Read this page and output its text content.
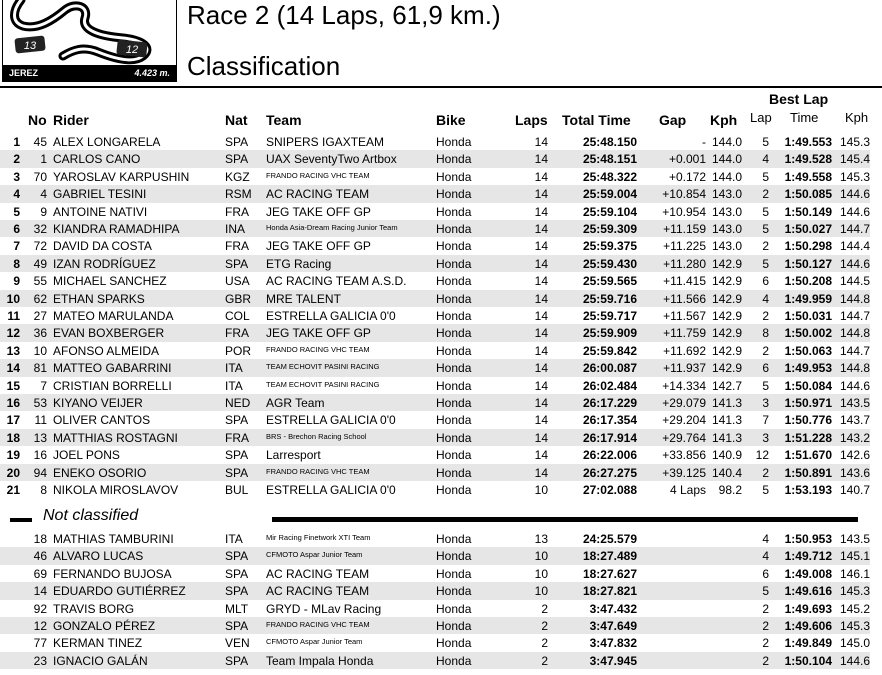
13	12
JEREZ	4.423 m.
Race 2 (14 Laps, 61,9 km.)
Classification
Best Lap
No Rider	Nat Team	Bike	Laps Total Time Gap Kph Lap Time Kph
1 45 ALEX LONGARELA	SPA SNIPERS IGAXTEAM	Honda	14	25:48.150	- 144.0 5 1:49.553 145.3
2 1 CARLOS CANO	SPA UAX SeventyTwo Artbox	Honda	14	25:48.151	+0.001 144.0 4 1:49.528 145.4
3 70 YAROSLAV KARPUSHIN	KGZ FRANDO RACING VHC TEAM	Honda	14	25:48.322	+0.172 144.0 5 1:49.558 145.3
4 4 GABRIEL TESINI	RSM AC RACING TEAM	Honda	14	25:59.004 +10.854 143.0 2 1:50.085 144.6
5 9 ANTOINE NATIVI	FRA JEG TAKE OFF GP	Honda	14	25:59.104 +10.954 143.0 5 1:50.149 144.6
6 32 KIANDRA RAMADHIPA	INA	Honda Asia-Dream Racing Junior Team	Honda	14	25:59.309 +11.159 143.0 5 1:50.027 144.7
7 72 DAVID DA COSTA	FRA JEG TAKE OFF GP	Honda	14	25:59.375 +11.225 143.0 2 1:50.298 144.4
8 49 IZAN RODRÍGUEZ	SPA ETG Racing	Honda	14	25:59.430 +11.280 142.9 5 1:50.127 144.6
9 55 MICHAEL SANCHEZ	USA AC RACING TEAM A.S.D. Honda	14	25:59.565 +11.415 142.9 6 1:50.208 144.5
10 62 ETHAN SPARKS	GBR MRE TALENT	Honda	14	25:59.716 +11.566 142.9 4 1:49.959 144.8
11 27 MATEO MARULANDA	COL ESTRELLA GALICIA 0'0	Honda	14	25:59.717 +11.567 142.9 2 1:50.031 144.7
12 36 EVAN BOXBERGER	FRA JEG TAKE OFF GP	Honda	14	25:59.909 +11.759 142.9 8 1:50.002 144.8
13 10 AFONSO ALMEIDA	POR FRANDO RACING VHC TEAM	Honda	14	25:59.842 +11.692 142.9 2 1:50.063 144.7
14 81 MATTEO GABARRINI	ITA	TEAM ECHOVIT PASINI RACING	Honda	14	26:00.087 +11.937 142.9 6 1:49.953 144.8
15 7 CRISTIAN BORRELLI	ITA	TEAM ECHOVIT PASINI RACING	Honda	14	26:02.484 +14.334 142.7 5 1:50.084 144.6
16 53 KIYANO VEIJER	NED AGR Team	Honda	14	26:17.229 +29.079 141.3 3 1:50.971 143.5
17 11 OLIVER CANTOS	SPA ESTRELLA GALICIA 0'0	Honda	14	26:17.354 +29.204 141.3 7 1:50.776 143.7
18 13 MATTHIAS ROSTAGNI	FRA BRS - Brechon Racing School	Honda	14	26:17.914 +29.764 141.3 3 1:51.228 143.2
19 16 JOEL PONS	SPA Larresport	Honda	14	26:22.006 +33.856 140.9 12 1:51.670 142.6
20 94 ENEKO OSORIO	SPA FRANDO RACING VHC TEAM	Honda	14	26:27.275 +39.125 140.4 2 1:50.891 143.6
21 8 NIKOLA MIROSLAVOV	BUL ESTRELLA GALICIA 0'0	Honda	10	27:02.088	4 Laps 98.2 5 1:53.193 140.7
Not classified
18 MATHIAS TAMBURINI	ITA	Mir Racing Finetwork XTI Team	Honda	13	24:25.579	4 1:50.953 143.5
46 ALVARO LUCAS	SPA CFMOTO Aspar Junior Team	Honda	10	18:27.489	4 1:49.712 145.1
69 FERNANDO BUJOSA	SPA AC RACING TEAM	Honda	10	18:27.627	6 1:49.008 146.1
14 EDUARDO GUTIÉRREZ	SPA AC RACING TEAM	Honda	10	18:27.821	5 1:49.616 145.3
92 TRAVIS BORG	MLT GRYD - MLav Racing	Honda	2	3:47.432	2 1:49.693 145.2
12 GONZALO PÉREZ	SPA FRANDO RACING VHC TEAM	Honda	2	3:47.649	2 1:49.606 145.3
77 KERMAN TINEZ	VEN CFMOTO Aspar Junior Team	Honda	2	3:47.832	2 1:49.849 145.0
23 IGNACIO GALÁN	SPA Team Impala Honda	Honda	2	3:47.945	2 1:50.104 144.6
